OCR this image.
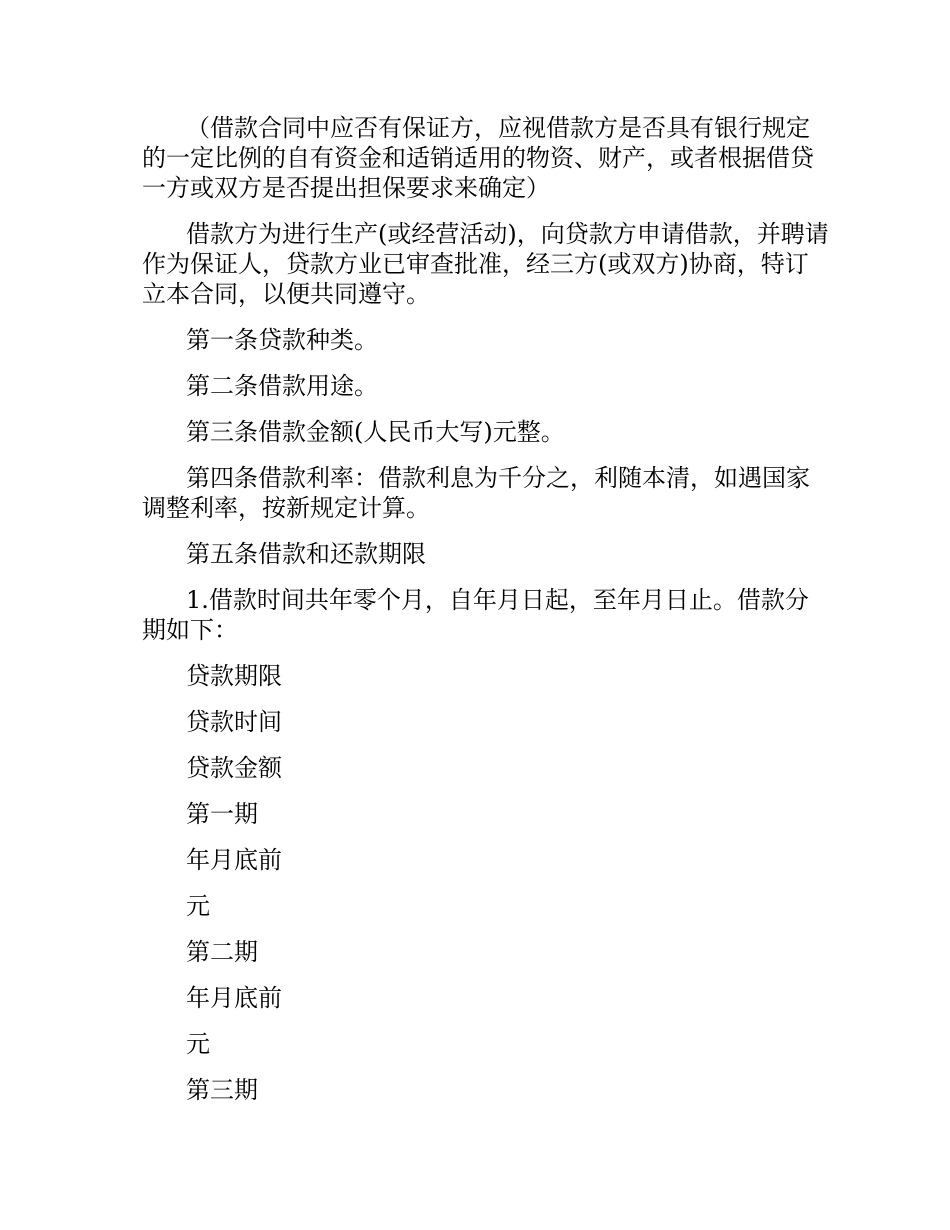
（借款合同中应否有保证方，应视借款方是否具有银行规定的一定比例的自有资金和适销适用的物资、财产，或者根据借贷一方或双方是否提出担保要求来确定）

借款方为进行生产(或经营活动)，向贷款方申请借款，并聘请作为保证人，贷款方业已审查批准，经三方(或双方)协商，特订立本合同，以便共同遵守。

第一条贷款种类。

第二条借款用途。

第三条借款金额(人民币大写)元整。

第四条借款利率：借款利息为千分之，利随本清，如遇国家调整利率，按新规定计算。

第五条借款和还款期限

1.借款时间共年零个月，自年月日起，至年月日止。借款分期如下：

贷款期限

贷款时间

贷款金额

第一期

年月底前

元

第二期

年月底前

元

第三期
